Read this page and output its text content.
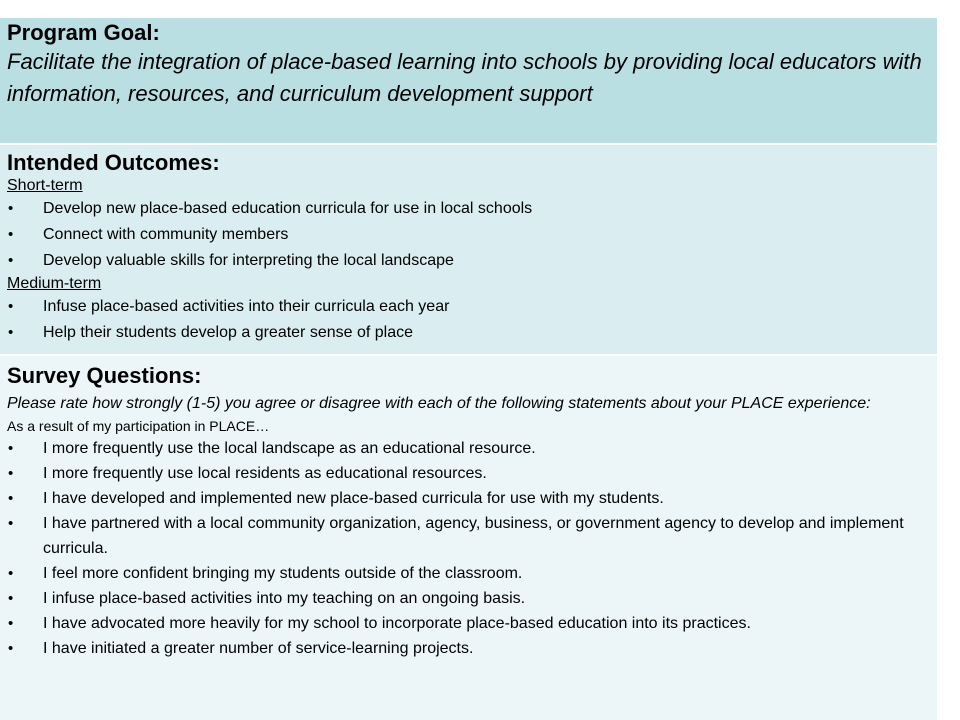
Program Goal:
Facilitate the integration of place-based learning into schools by providing local educators with information, resources, and curriculum development support
Intended Outcomes:
Short-term
• Develop new place-based education curricula for use in local schools
• Connect with community members
• Develop valuable skills for interpreting the local landscape
Medium-term
• Infuse place-based activities into their curricula each year
• Help their students develop a greater sense of place
Survey Questions:
Please rate how strongly (1-5) you agree or disagree with each of the following statements about your PLACE experience:
As a result of my participation in PLACE…
• I more frequently use the local landscape as an educational resource.
• I more frequently use local residents as educational resources.
• I have developed and implemented new place-based curricula for use with my students.
• I have partnered with a local community organization, agency, business, or government agency to develop and implement curricula.
• I feel more confident bringing my students outside of the classroom.
• I infuse place-based activities into my teaching on an ongoing basis.
• I have advocated more heavily for my school to incorporate place-based education into its practices.
• I have initiated a greater number of service-learning projects.
